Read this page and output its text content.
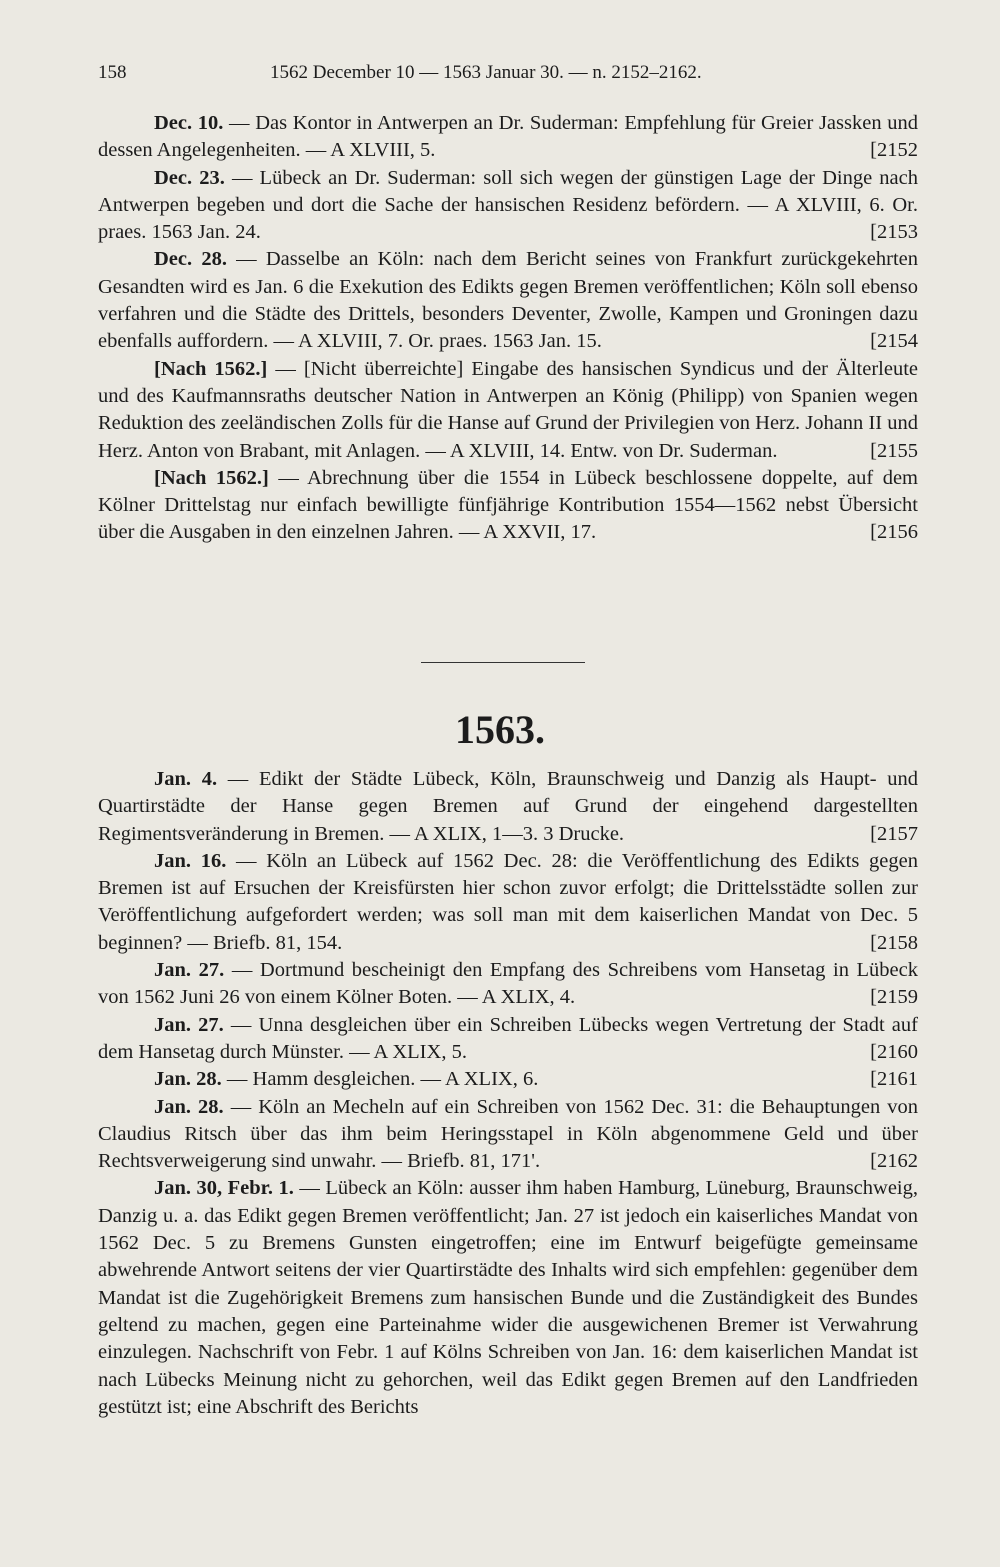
158	1562 December 10 — 1563 Januar 30. — n. 2152–2162.

Dec. 10. — Das Kontor in Antwerpen an Dr. Suderman: Empfehlung für Greier Jassken und dessen Angelegenheiten. — A XLVIII, 5.	[2152

Dec. 23. — Lübeck an Dr. Suderman: soll sich wegen der günstigen Lage der Dinge nach Antwerpen begeben und dort die Sache der hansischen Residenz befördern. — A XLVIII, 6. Or. praes. 1563 Jan. 24.	[2153

Dec. 28. — Dasselbe an Köln: nach dem Bericht seines von Frankfurt zurückgekehrten Gesandten wird es Jan. 6 die Exekution des Edikts gegen Bremen veröffentlichen; Köln soll ebenso verfahren und die Städte des Drittels, besonders Deventer, Zwolle, Kampen und Groningen dazu ebenfalls auffordern. — A XLVIII, 7. Or. praes. 1563 Jan. 15.	[2154

[Nach 1562.] — [Nicht überreichte] Eingabe des hansischen Syndicus und der Älterleute und des Kaufmannsraths deutscher Nation in Antwerpen an König (Philipp) von Spanien wegen Reduktion des zeeländischen Zolls für die Hanse auf Grund der Privilegien von Herz. Johann II und Herz. Anton von Brabant, mit Anlagen. — A XLVIII, 14. Entw. von Dr. Suderman.	[2155

[Nach 1562.] — Abrechnung über die 1554 in Lübeck beschlossene doppelte, auf dem Kölner Drittelstag nur einfach bewilligte fünfjährige Kontribution 1554—1562 nebst Übersicht über die Ausgaben in den einzelnen Jahren. — A XXVII, 17.	[2156

1563.

Jan. 4. — Edikt der Städte Lübeck, Köln, Braunschweig und Danzig als Haupt- und Quartirstädte der Hanse gegen Bremen auf Grund der eingehend dargestellten Regimentsveränderung in Bremen. — A XLIX, 1—3. 3 Drucke.	[2157

Jan. 16. — Köln an Lübeck auf 1562 Dec. 28: die Veröffentlichung des Edikts gegen Bremen ist auf Ersuchen der Kreisfürsten hier schon zuvor erfolgt; die Drittelsstädte sollen zur Veröffentlichung aufgefordert werden; was soll man mit dem kaiserlichen Mandat von Dec. 5 beginnen? — Briefb. 81, 154.	[2158

Jan. 27. — Dortmund bescheinigt den Empfang des Schreibens vom Hansetag in Lübeck von 1562 Juni 26 von einem Kölner Boten. — A XLIX, 4.	[2159

Jan. 27. — Unna desgleichen über ein Schreiben Lübecks wegen Vertretung der Stadt auf dem Hansetag durch Münster. — A XLIX, 5.	[2160

Jan. 28. — Hamm desgleichen. — A XLIX, 6.	[2161

Jan. 28. — Köln an Mecheln auf ein Schreiben von 1562 Dec. 31: die Behauptungen von Claudius Ritsch über das ihm beim Heringsstapel in Köln abgenommene Geld und über Rechtsverweigerung sind unwahr. — Briefb. 81, 171'.	[2162

Jan. 30, Febr. 1. — Lübeck an Köln: ausser ihm haben Hamburg, Lüneburg, Braunschweig, Danzig u. a. das Edikt gegen Bremen veröffentlicht; Jan. 27 ist jedoch ein kaiserliches Mandat von 1562 Dec. 5 zu Bremens Gunsten eingetroffen; eine im Entwurf beigefügte gemeinsame abwehrende Antwort seitens der vier Quartirstädte des Inhalts wird sich empfehlen: gegenüber dem Mandat ist die Zugehörigkeit Bremens zum hansischen Bunde und die Zuständigkeit des Bundes geltend zu machen, gegen eine Parteinahme wider die ausgewichenen Bremer ist Verwahrung einzulegen. Nachschrift von Febr. 1 auf Kölns Schreiben von Jan. 16: dem kaiserlichen Mandat ist nach Lübecks Meinung nicht zu gehorchen, weil das Edikt gegen Bremen auf den Landfrieden gestützt ist; eine Abschrift des Berichts
